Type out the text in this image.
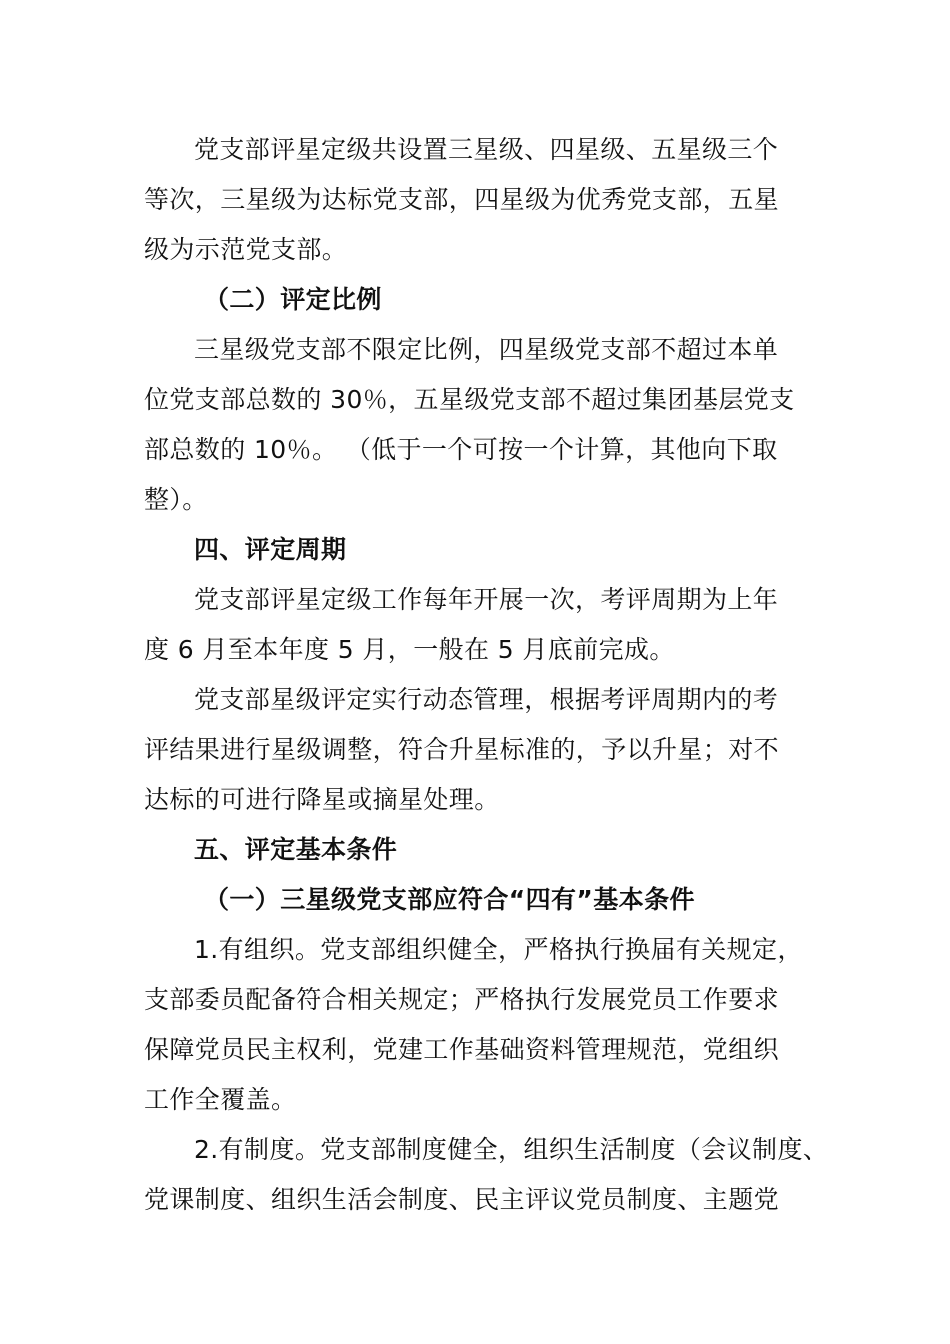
党支部评星定级共设置三星级、四星级、五星级三个
等次，三星级为达标党支部，四星级为优秀党支部，五星
级为示范党支部。
（二）评定比例
三星级党支部不限定比例，四星级党支部不超过本单
位党支部总数的 30％，五星级党支部不超过集团基层党支
部总数的 10％。 （低于一个可按一个计算，其他向下取
整）。
四、评定周期
党支部评星定级工作每年开展一次，考评周期为上年
度 6 月至本年度 5 月，一般在 5 月底前完成。
党支部星级评定实行动态管理，根据考评周期内的考
评结果进行星级调整，符合升星标准的，予以升星；对不
达标的可进行降星或摘星处理。
五、评定基本条件
（一）三星级党支部应符合“四有”基本条件
1.有组织。党支部组织健全，严格执行换届有关规定，
支部委员配备符合相关规定；严格执行发展党员工作要求
保障党员民主权利，党建工作基础资料管理规范，党组织
工作全覆盖。
2.有制度。党支部制度健全，组织生活制度（会议制度、
党课制度、组织生活会制度、民主评议党员制度、主题党
